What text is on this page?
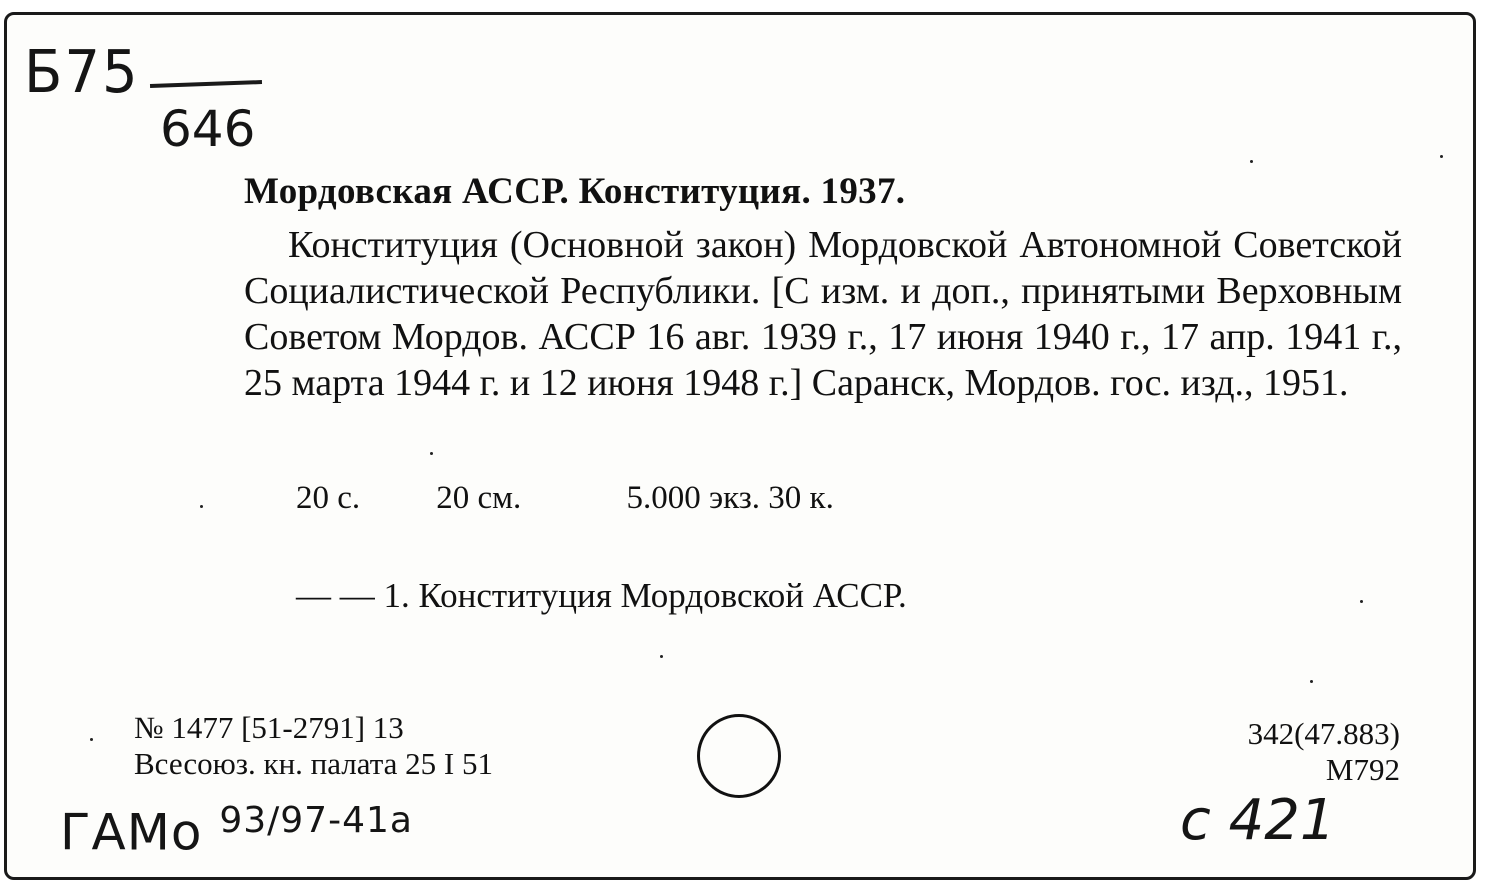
Б75
646
Мордовская АССР. Конституция. 1937.
Конституция (Основной закон) Мордовской Автономной Советской Социалистической Республики. [С изм. и доп., принятыми Верховным Советом Мордов. АССР 16 авг. 1939 г., 17 июня 1940 г., 17 апр. 1941 г., 25 марта 1944 г. и 12 июня 1948 г.] Саранск, Мордов. гос. изд., 1951.
20 с. 20 см.	5.000 экз. 30 к.
— — 1. Конституция Мордовской АССР.
№ 1477 [51-2791] 13
Всесоюз. кн. палата 25 I 51
342(47.883)
М792
ГАМо $^{93/97-41а}$	с 421
